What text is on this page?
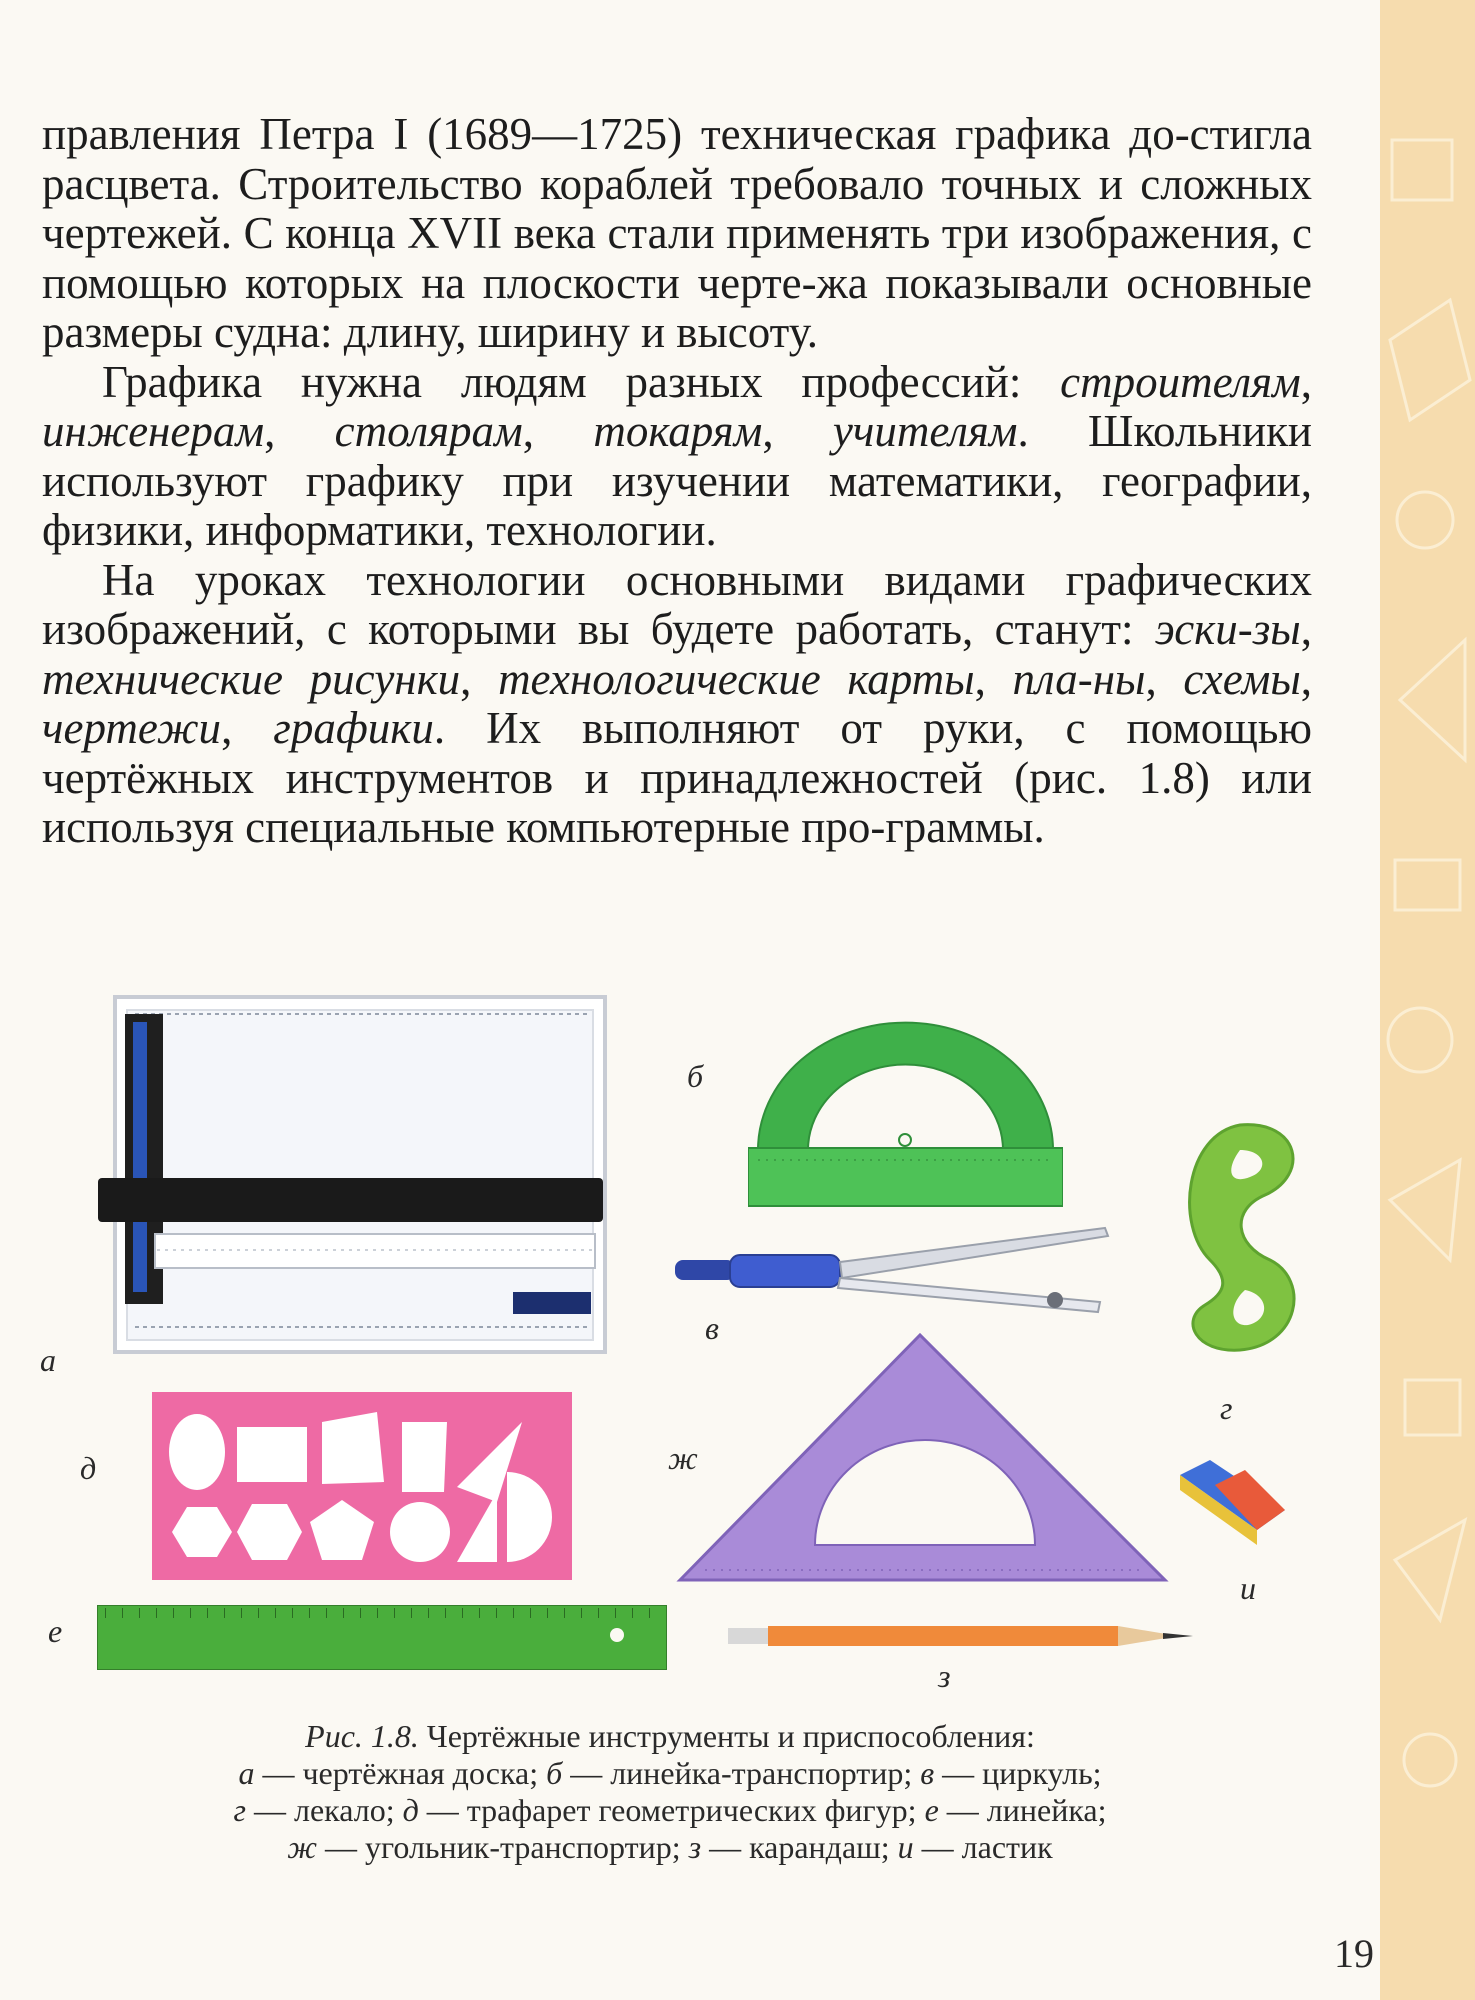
правления Петра I (1689—1725) техническая графика до-стигла расцвета. Строительство кораблей требовало точных и сложных чертежей. С конца XVII века стали применять три изображения, с помощью которых на плоскости черте-жа показывали основные размеры судна: длину, ширину и высоту.

Графика нужна людям разных профессий: строителям, инженерам, столярам, токарям, учителям. Школьники используют графику при изучении математики, географии, физики, информатики, технологии.

На уроках технологии основными видами графических изображений, с которыми вы будете работать, станут: эски-зы, технические рисунки, технологические карты, пла-ны, схемы, чертежи, графики. Их выполняют от руки, с помощью чертёжных инструментов и принадлежностей (рис. 1.8) или используя специальные компьютерные про-граммы.

а
б
в
г
д
е
ж
з
и
Рис. 1.8. Чертёжные инструменты и приспособления:
а — чертёжная доска; б — линейка-транспортир; в — циркуль;
г — лекало; д — трафарет геометрических фигур; е — линейка;
ж — угольник-транспортир; з — карандаш; и — ластик
19
